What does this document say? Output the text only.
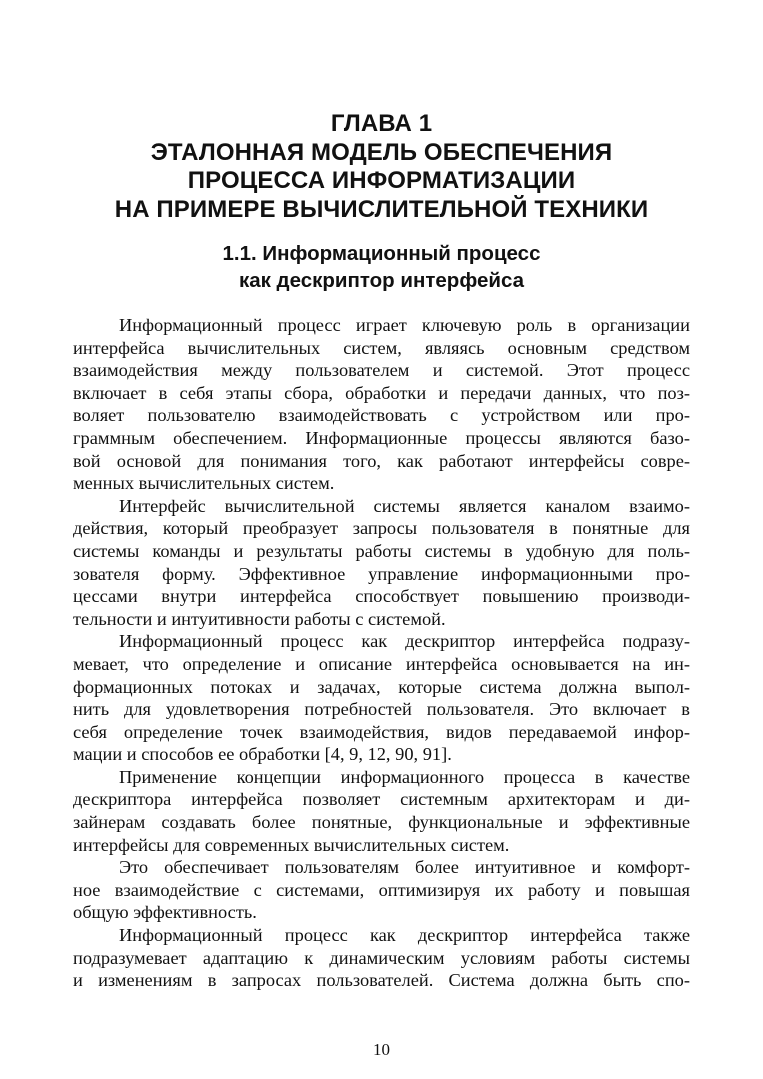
ГЛАВА 1
ЭТАЛОННАЯ МОДЕЛЬ ОБЕСПЕЧЕНИЯ
ПРОЦЕССА ИНФОРМАТИЗАЦИИ
НА ПРИМЕРЕ ВЫЧИСЛИТЕЛЬНОЙ ТЕХНИКИ
1.1. Информационный процесс
как дескриптор интерфейса

Информационный процесс играет ключевую роль в организации
интерфейса вычислительных систем, являясь основным средством
взаимодействия между пользователем и системой. Этот процесс
включает в себя этапы сбора, обработки и передачи данных, что поз-
воляет пользователю взаимодействовать с устройством или про-
граммным обеспечением. Информационные процессы являются базо-
вой основой для понимания того, как работают интерфейсы совре-
менных вычислительных систем.

Интерфейс вычислительной системы является каналом взаимо-
действия, который преобразует запросы пользователя в понятные для
системы команды и результаты работы системы в удобную для поль-
зователя форму. Эффективное управление информационными про-
цессами внутри интерфейса способствует повышению производи-
тельности и интуитивности работы с системой.

Информационный процесс как дескриптор интерфейса подразу-
мевает, что определение и описание интерфейса основывается на ин-
формационных потоках и задачах, которые система должна выпол-
нить для удовлетворения потребностей пользователя. Это включает в
себя определение точек взаимодействия, видов передаваемой инфор-
мации и способов ее обработки [4, 9, 12, 90, 91].

Применение концепции информационного процесса в качестве
дескриптора интерфейса позволяет системным архитекторам и ди-
зайнерам создавать более понятные, функциональные и эффективные
интерфейсы для современных вычислительных систем.

Это обеспечивает пользователям более интуитивное и комфорт-
ное взаимодействие с системами, оптимизируя их работу и повышая
общую эффективность.

Информационный процесс как дескриптор интерфейса также
подразумевает адаптацию к динамическим условиям работы системы
и изменениям в запросах пользователей. Система должна быть спо-

10
